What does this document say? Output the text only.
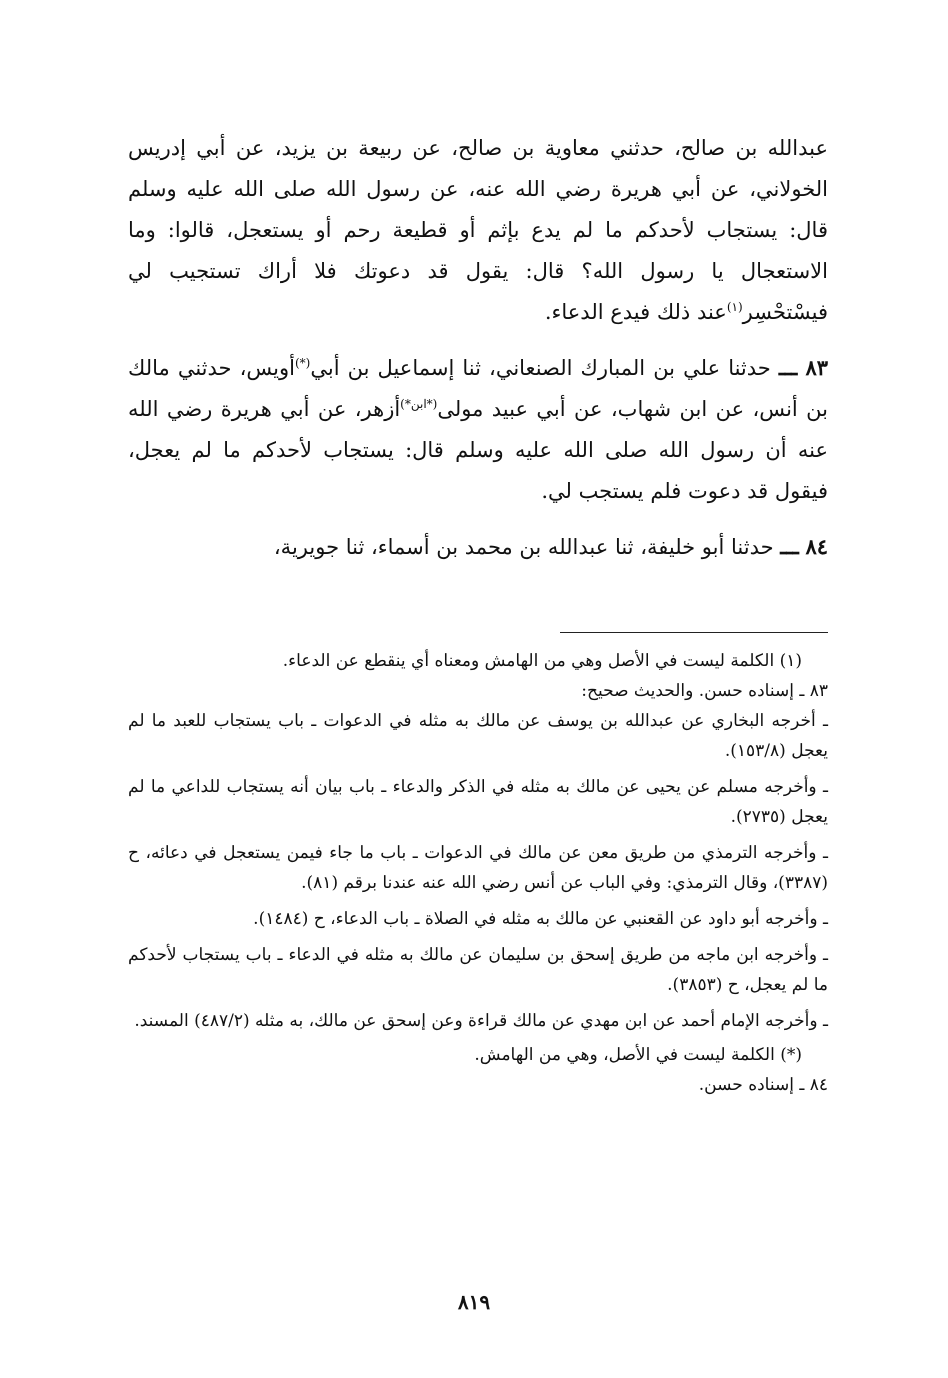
عبدالله بن صالح، حدثني معاوية بن صالح، عن ربيعة بن يزيد، عن أبي إدريس الخولاني، عن أبي هريرة رضي الله عنه، عن رسول الله صلى الله عليه وسلم قال: يستجاب لأحدكم ما لم يدع بإثم أو قطيعة رحم أو يستعجل، قالوا: وما الاستعجال يا رسول الله؟ قال: يقول قد دعوتك فلا أراك تستجيب لي فيسْتحْسِر$^{(١)}$عند ذلك فيدع الدعاء.

٨٣ ـــ حدثنا علي بن المبارك الصنعاني، ثنا إسماعيل بن أبي(*)أويس، حدثني مالك بن أنس، عن ابن شهاب، عن أبي عبيد مولى$^{(*ابن*)}$أزهر، عن أبي هريرة رضي الله عنه أن رسول الله صلى الله عليه وسلم قال: يستجاب لأحدكم ما لم يعجل، فيقول قد دعوت فلم يستجب لي.

٨٤ ـــ حدثنا أبو خليفة، ثنا عبدالله بن محمد بن أسماء، ثنا جويرية،

(١) الكلمة ليست في الأصل وهي من الهامش ومعناه أي ينقطع عن الدعاء.

٨٣ ـ إسناده حسن. والحديث صحيح:

ـ أخرجه البخاري عن عبدالله بن يوسف عن مالك به مثله في الدعوات ـ باب يستجاب للعبد ما لم يعجل (١٥٣/٨).

ـ وأخرجه مسلم عن يحيى عن مالك به مثله في الذكر والدعاء ـ باب بيان أنه يستجاب للداعي ما لم يعجل (٢٧٣٥).

ـ وأخرجه الترمذي من طريق معن عن مالك في الدعوات ـ باب ما جاء فيمن يستعجل في دعائه، ح (٣٣٨٧)، وقال الترمذي: وفي الباب عن أنس رضي الله عنه عندنا برقم (٨١).

ـ وأخرجه أبو داود عن القعنبي عن مالك به مثله في الصلاة ـ باب الدعاء، ح (١٤٨٤).

ـ وأخرجه ابن ماجه من طريق إسحق بن سليمان عن مالك به مثله في الدعاء ـ باب يستجاب لأحدكم ما لم يعجل، ح (٣٨٥٣).

ـ وأخرجه الإمام أحمد عن ابن مهدي عن مالك قراءة وعن إسحق عن مالك، به مثله (٤٨٧/٢) المسند.

(*) الكلمة ليست في الأصل، وهي من الهامش.

٨٤ ـ إسناده حسن.

٨١٩
